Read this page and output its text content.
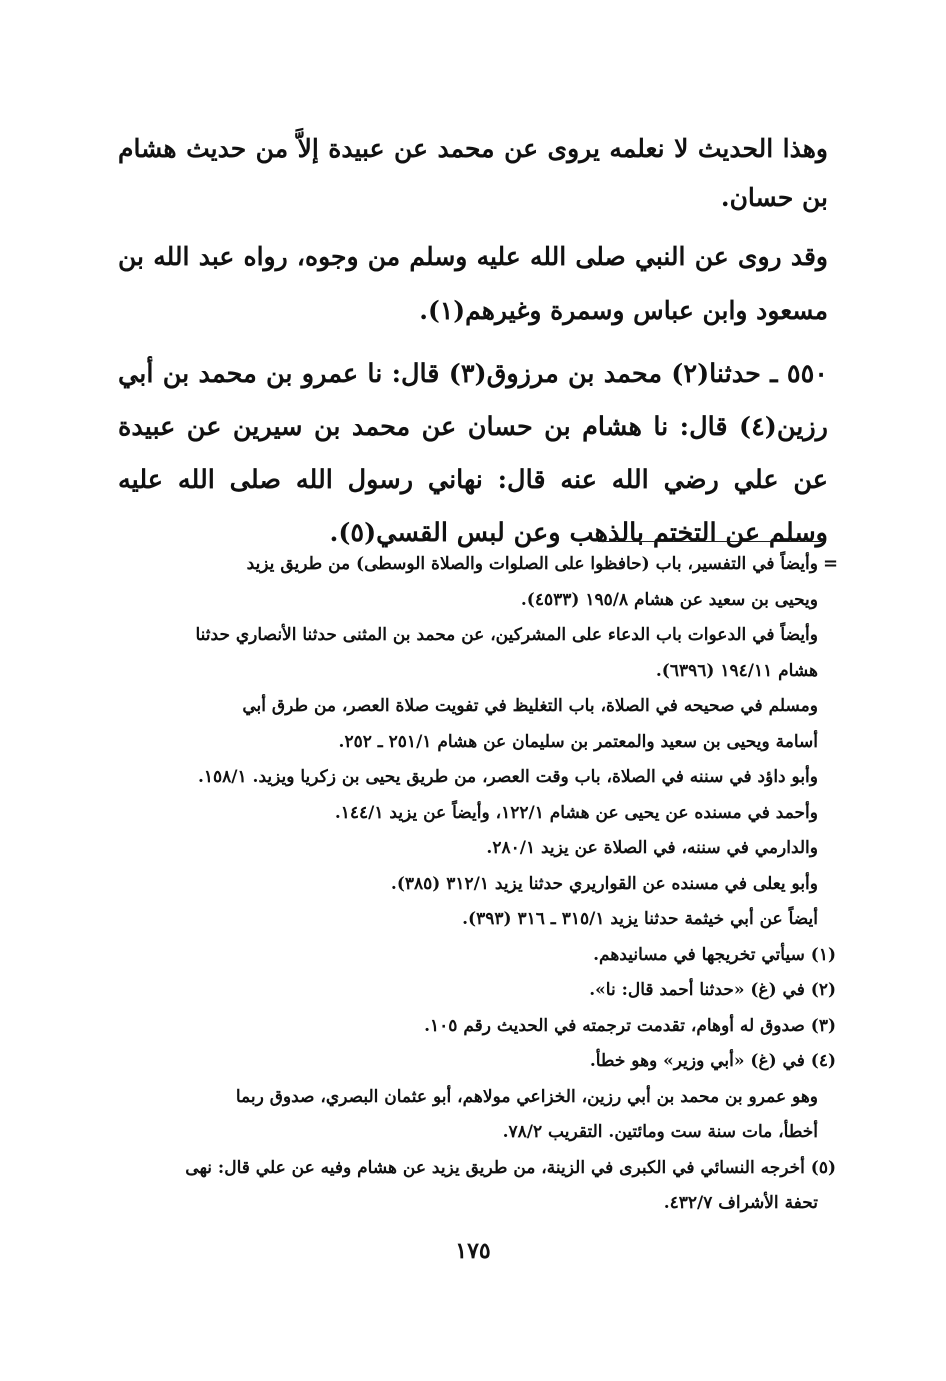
وهذا الحديث لا نعلمه يروى عن محمد عن عبيدة إلاَّ من حديث هشام بن حسان.

وقد روى عن النبي صلى الله عليه وسلم من وجوه، رواه عبد الله بن مسعود وابن عباس وسمرة وغيرهم(١).

٥٥٠ ـ حدثنا(٢) محمد بن مرزوق(٣) قال: نا عمرو بن محمد بن أبي رزين(٤) قال: نا هشام بن حسان عن محمد بن سيرين عن عبيدة عن علي رضي الله عنه قال: نهاني رسول الله صلى الله عليه وسلم عن التختم بالذهب وعن لبس القسي(٥).

=
وأيضاً في التفسير، باب (حافظوا على الصلوات والصلاة الوسطى) من طريق يزيد
ويحيى بن سعيد عن هشام ١٩٥/٨ (٤٥٣٣).
وأيضاً في الدعوات باب الدعاء على المشركين، عن محمد بن المثنى حدثنا الأنصاري حدثنا
هشام ١٩٤/١١ (٦٣٩٦).
ومسلم في صحيحه في الصلاة، باب التغليظ في تفويت صلاة العصر، من طرق أبي
أسامة ويحيى بن سعيد والمعتمر بن سليمان عن هشام ٢٥١/١ ـ ٢٥٢.
وأبو داؤد في سننه في الصلاة، باب وقت العصر، من طريق يحيى بن زكريا ويزيد. ١٥٨/١.
وأحمد في مسنده عن يحيى عن هشام ١٢٢/١، وأيضاً عن يزيد ١٤٤/١.
والدارمي في سننه، في الصلاة عن يزيد ٢٨٠/١.
وأبو يعلى في مسنده عن القواريري حدثنا يزيد ٣١٢/١ (٣٨٥).
أيضاً عن أبي خيثمة حدثنا يزيد ٣١٥/١ ـ ٣١٦ (٣٩٣).
(١) سيأتي تخريجها في مسانيدهم.
(٢) في (غ) «حدثنا أحمد قال: نا».
(٣) صدوق له أوهام، تقدمت ترجمته في الحديث رقم ١٠٥.
(٤) في (غ) «أبي وزير» وهو خطأ.
وهو عمرو بن محمد بن أبي رزين، الخزاعي مولاهم، أبو عثمان البصري، صدوق ربما
أخطأ، مات سنة ست ومائتين. التقريب ٧٨/٢.
(٥) أخرجه النسائي في الكبرى في الزينة، من طريق يزيد عن هشام وفيه عن علي قال: نهى
تحفة الأشراف ٤٣٢/٧.
١٧٥
